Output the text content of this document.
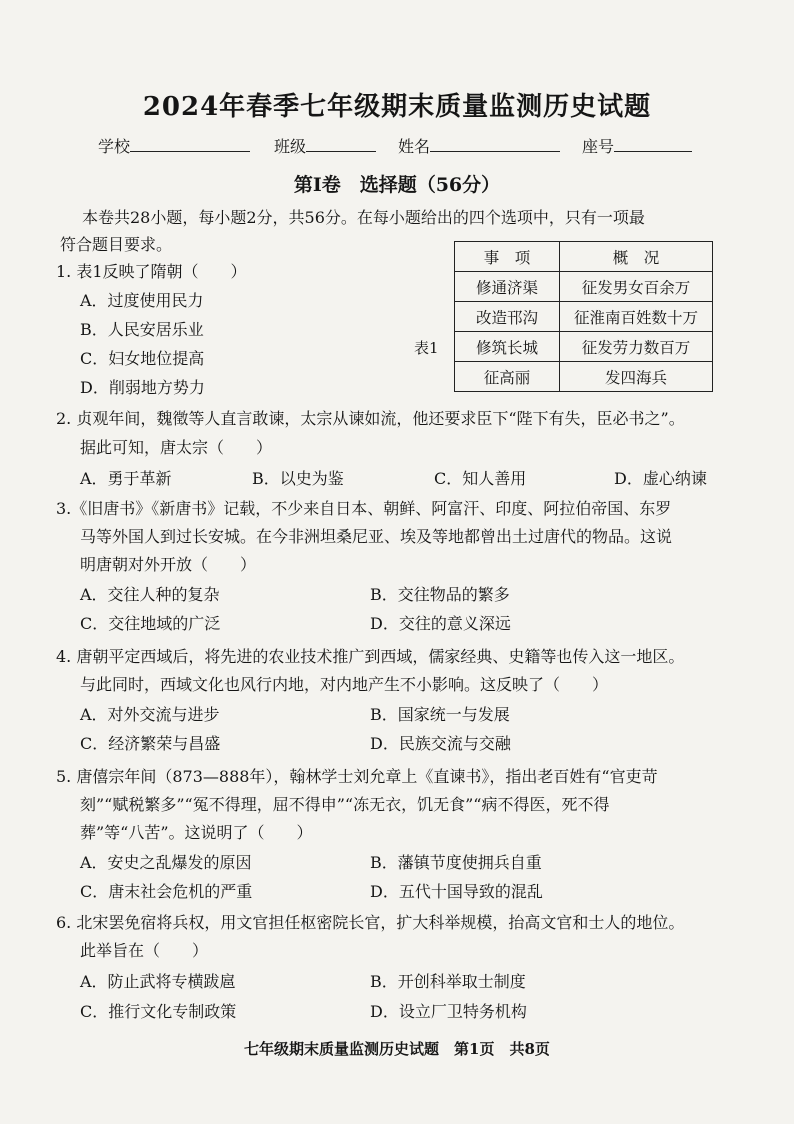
2024年春季七年级期末质量监测历史试题
学校	班级	姓名	座号
第Ⅰ卷　选择题（56分）
本卷共28小题，每小题2分，共56分。在每小题给出的四个选项中，只有一项最
符合题目要求。
表1
事　项	概　况
修通济渠	征发男女百余万
改造邗沟	征淮南百姓数十万
修筑长城	征发劳力数百万
征高丽	发四海兵
1. 表1反映了隋朝（　　）
A．过度使用民力
B．人民安居乐业
C．妇女地位提高
D．削弱地方势力
2. 贞观年间，魏徵等人直言敢谏，太宗从谏如流，他还要求臣下“陛下有失，臣必书之”。
据此可知，唐太宗（　　）
A．勇于革新	B．以史为鉴	C．知人善用	D．虚心纳谏
3.《旧唐书》《新唐书》记载，不少来自日本、朝鲜、阿富汗、印度、阿拉伯帝国、东罗
马等外国人到过长安城。在今非洲坦桑尼亚、埃及等地都曾出土过唐代的物品。这说
明唐朝对外开放（　　）
A．交往人种的复杂	B．交往物品的繁多
C．交往地域的广泛	D．交往的意义深远
4. 唐朝平定西域后，将先进的农业技术推广到西域，儒家经典、史籍等也传入这一地区。
与此同时，西域文化也风行内地，对内地产生不小影响。这反映了（　　）
A．对外交流与进步	B．国家统一与发展
C．经济繁荣与昌盛	D．民族交流与交融
5. 唐僖宗年间（873—888年），翰林学士刘允章上《直谏书》，指出老百姓有“官吏苛
刻”“赋税繁多”“冤不得理，屈不得申”“冻无衣，饥无食”“病不得医，死不得
葬”等“八苦”。这说明了（　　）
A．安史之乱爆发的原因	B．藩镇节度使拥兵自重
C．唐末社会危机的严重	D．五代十国导致的混乱
6. 北宋罢免宿将兵权，用文官担任枢密院长官，扩大科举规模，抬高文官和士人的地位。
此举旨在（　　）
A．防止武将专横跋扈	B．开创科举取士制度
C．推行文化专制政策	D．设立厂卫特务机构
七年级期末质量监测历史试题　第1页　共8页
